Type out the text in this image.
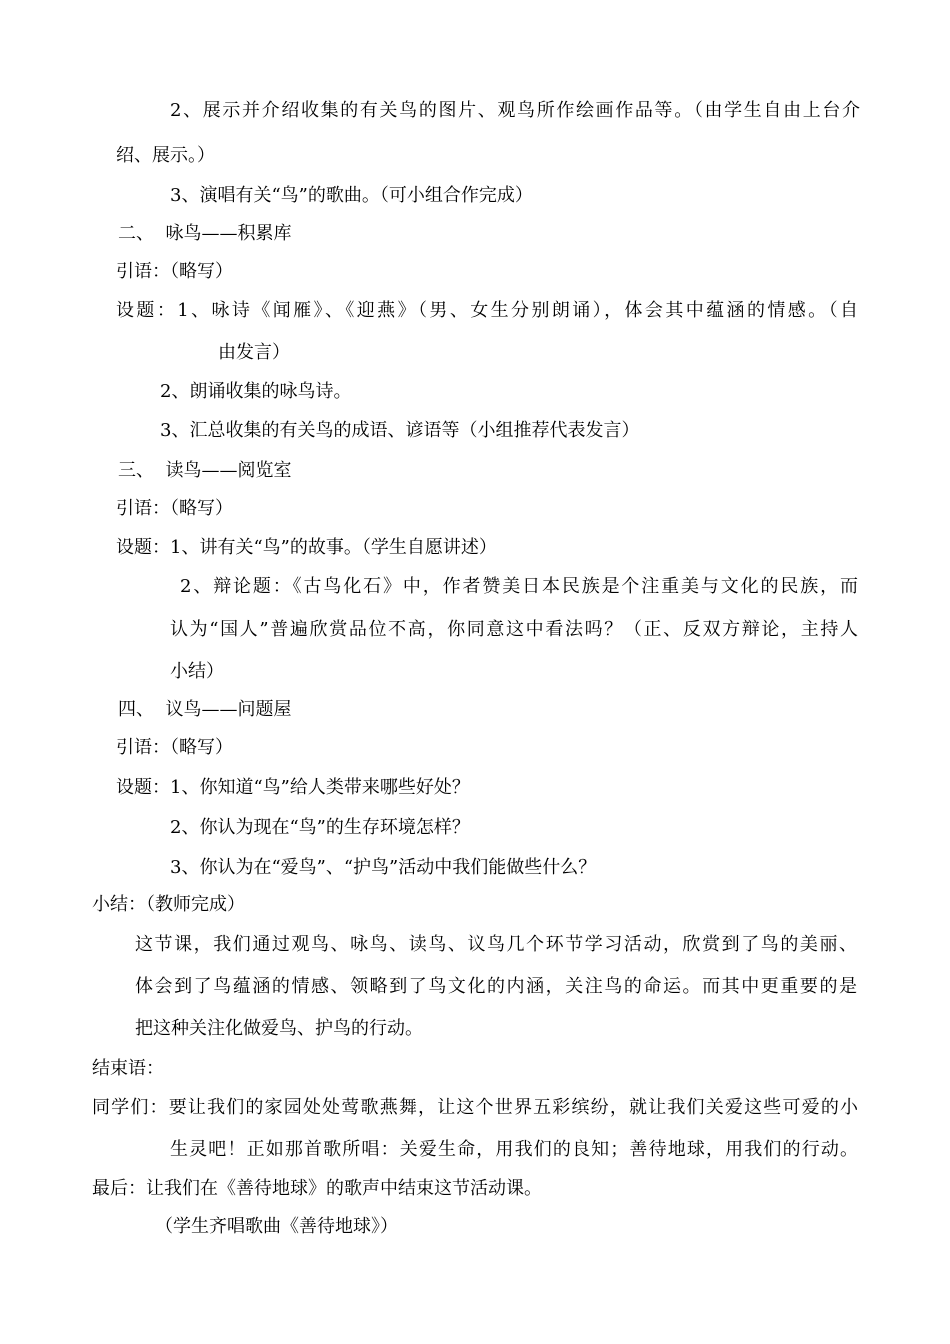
2、展示并介绍收集的有关鸟的图片、观鸟所作绘画作品等。（由学生自由上台介
绍、展示。）
3、演唱有关“鸟”的歌曲。（可小组合作完成）
二、  咏鸟——积累库
引语：（略写）
设题：1、咏诗《闻雁》、《迎燕》（男、女生分别朗诵），体会其中蕴涵的情感。（自
由发言）
2、朗诵收集的咏鸟诗。
3、汇总收集的有关鸟的成语、谚语等（小组推荐代表发言）
三、  读鸟——阅览室
引语：（略写）
设题：1、讲有关“鸟”的故事。（学生自愿讲述）
2、辩论题：《古鸟化石》中，作者赞美日本民族是个注重美与文化的民族，而
认为“国人”普遍欣赏品位不高，你同意这中看法吗？（正、反双方辩论，主持人
小结）
四、  议鸟——问题屋
引语：（略写）
设题：1、你知道“鸟”给人类带来哪些好处？
2、你认为现在“鸟”的生存环境怎样？
3、你认为在“爱鸟”、“护鸟”活动中我们能做些什么？
小结：（教师完成）
这节课，我们通过观鸟、咏鸟、读鸟、议鸟几个环节学习活动，欣赏到了鸟的美丽、
体会到了鸟蕴涵的情感、领略到了鸟文化的内涵，关注鸟的命运。而其中更重要的是
把这种关注化做爱鸟、护鸟的行动。
结束语：
同学们：要让我们的家园处处莺歌燕舞，让这个世界五彩缤纷，就让我们关爱这些可爱的小
生灵吧！正如那首歌所唱：关爱生命，用我们的良知；善待地球，用我们的行动。
最后：让我们在《善待地球》的歌声中结束这节活动课。
（学生齐唱歌曲《善待地球》）
